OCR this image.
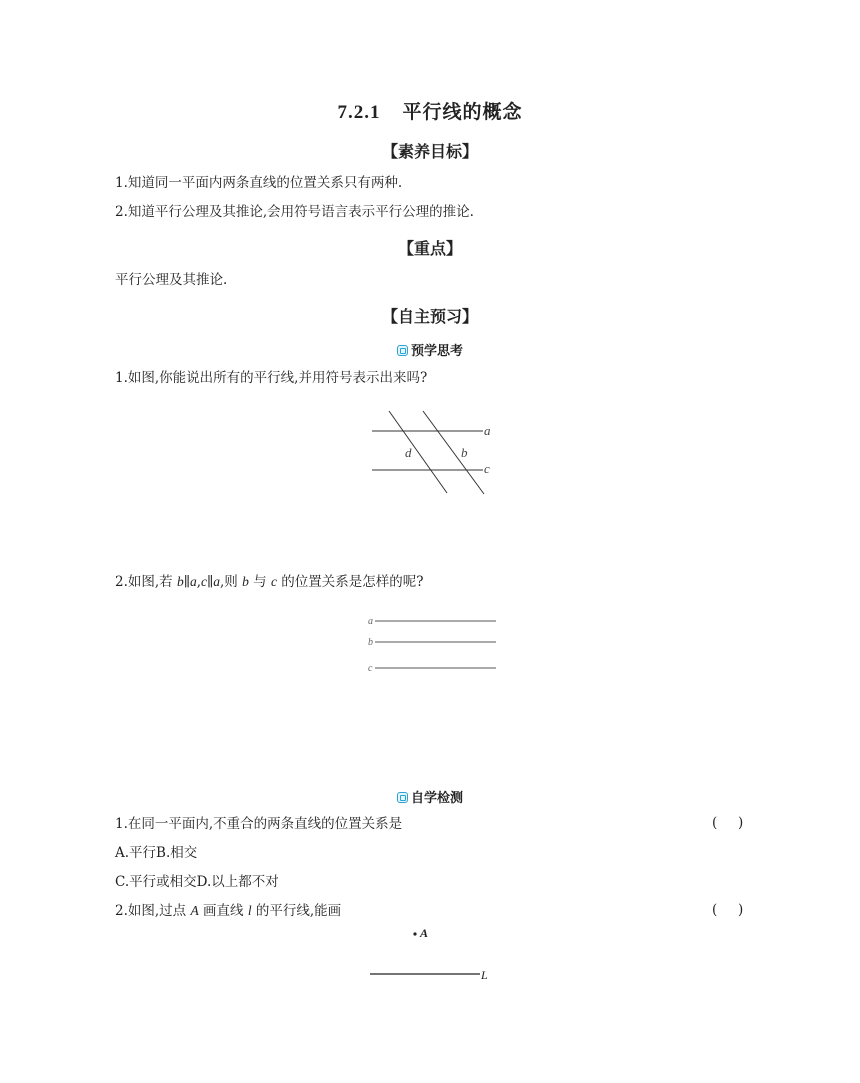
7.2.1 平行线的概念
【素养目标】
1.知道同一平面内两条直线的位置关系只有两种.
2.知道平行公理及其推论,会用符号语言表示平行公理的推论.
【重点】
平行公理及其推论.
【自主预习】
预学思考
1.如图,你能说出所有的平行线,并用符号表示出来吗?
a
c
d	b
2.如图,若 b∥a,c∥a,则 b 与 c 的位置关系是怎样的呢?
a
b
c
自学检测
1.在同一平面内,不重合的两条直线的位置关系是	( )
A.平行B.相交
C.平行或相交D.以上都不对
2.如图,过点 A 画直线 l 的平行线,能画	( )
A
L
